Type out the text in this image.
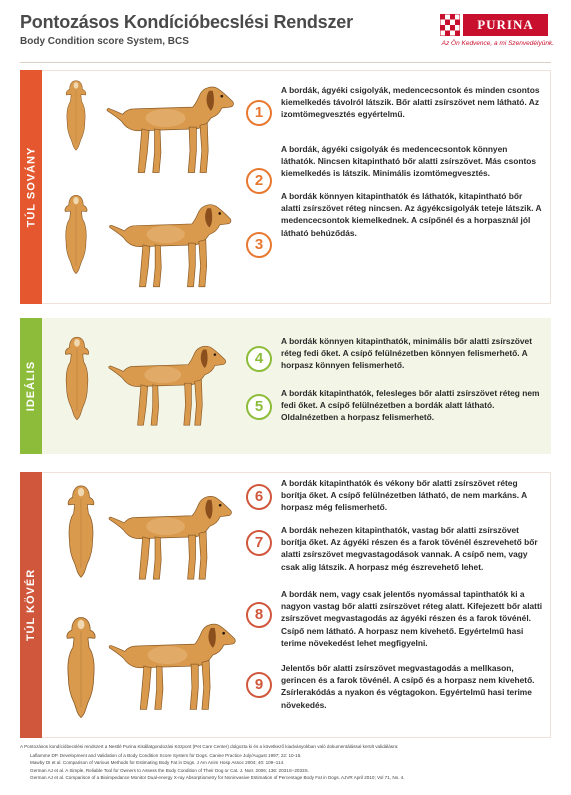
Pontozásos Kondícióbecslési Rendszer
Body Condition score System, BCS
PURINA
Az Ön Kedvence, a mi Szenvedélyünk.
TÚL SOVÁNY
IDEÁLIS
TÚL KÖVÉR
1
2
3
4
5
6
7
8
9
A bordák, ágyéki csigolyák, medencecsontok és minden csontos kiemelkedés távolról látszik. Bőr alatti zsírszövet nem látható. Az izomtömegvesztés egyértelmű.
A bordák, ágyéki csigolyák és medencecsontok könnyen láthatók. Nincsen kitapintható bőr alatti zsírszövet. Más csontos kiemelkedés is látszik. Minimális izomtömegvesztés.
A bordák könnyen kitapinthatók és láthatók, kitapintható bőr alatti zsírszövet réteg nincsen. Az ágyékcsigolyák teteje látszik. A medencecsontok kiemelkednek. A csípőnél és a horpasznál jól látható behúződás.
A bordák könnyen kitapinthatók, minimális bőr alatti zsírszövet réteg fedi őket. A csípő felülnézetben könnyen felismerhető. A horpasz könnyen felismerhető.
A bordák kitapinthatók, felesleges bőr alatti zsírszövet réteg nem fedi őket. A csípő felülnézetben a bordák alatt látható. Oldalnézetben a horpasz felismerhető.
A bordák kitapinthatók és vékony bőr alatti zsírszövet réteg borítja őket. A csípő felülnézetben látható, de nem markáns. A horpasz még felismerhető.
A bordák nehezen kitapinthatók, vastag bőr alatti zsírszövet borítja őket. Az ágyéki részen és a farok tövénél észrevehető bőr alatti zsírszövet megvastagodások vannak. A csípő nem, vagy csak alig látszik. A horpasz még észrevehető lehet.
A bordák nem, vagy csak jelentős nyomással tapinthatók ki a nagyon vastag bőr alatti zsírszövet réteg alatt. Kifejezett bőr alatti zsírszövet megvastagodás az ágyéki részen és a farok tövénél. Csípő nem látható. A horpasz nem kivehető. Egyértelmű hasi terime növekedést lehet megfigyelni.
Jelentős bőr alatti zsírszövet megvastagodás a mellkason, gerincen és a farok tövénél. A csípő és a horpasz nem kivehető. Zsírlerakódás a nyakon és végtagokon. Egyértelmű hasi terime növekedés.
A Pontozásos kondícióbecslési rendszert a Nestlé Purina Kisállatgondozási Központ (Pet Care Center) dolgozta ki és a következő kiadványokban való dokumentálással került validálásra:
Laflamme DP. Development and Validation of a Body Condition Score System for Dogs. Canine Practice July/August 1997; 22: 10-15.
Mawby DI et al. Comparison of Various Methods for Estimating Body Fat in Dogs. J Am Anim Hosp Assoc 2004; 40: 109–114.
German AJ et al. A Simple, Reliable Tool for Owners to Assess the Body Condition of Their Dog or Cat. J. Nutr. 2006; 136: 2031S–2033S.
German AJ et al. Comparison of a Bioimpedance Monitor Dual-energy X-ray Absorptiometry for Noninvasive Estimation of Percentage Body Fat in Dogs. AJVR April 2010; Vol 71, No. 4.
